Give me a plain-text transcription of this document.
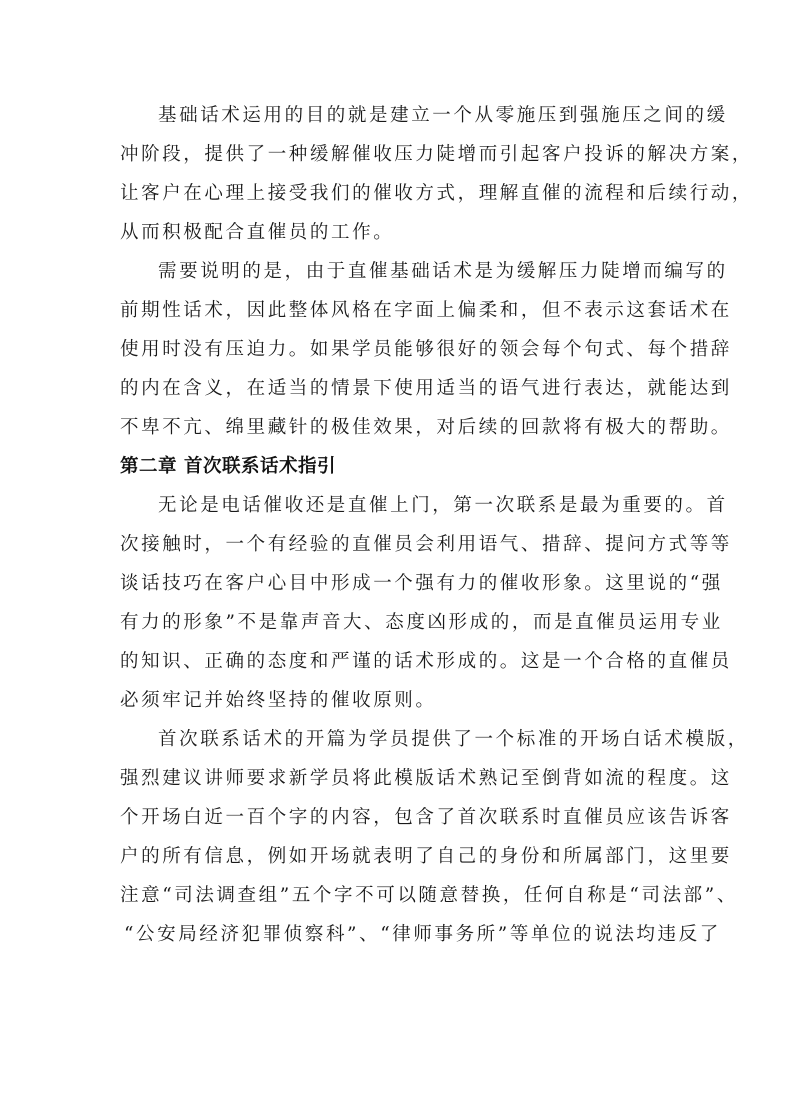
基础话术运用的目的就是建立一个从零施压到强施压之间的缓
冲阶段，提供了一种缓解催收压力陡增而引起客户投诉的解决方案，
让客户在心理上接受我们的催收方式，理解直催的流程和后续行动，
从而积极配合直催员的工作。
需要说明的是，由于直催基础话术是为缓解压力陡增而编写的
前期性话术，因此整体风格在字面上偏柔和，但不表示这套话术在
使用时没有压迫力。如果学员能够很好的领会每个句式、每个措辞
的内在含义，在适当的情景下使用适当的语气进行表达，就能达到
不卑不亢、绵里藏针的极佳效果，对后续的回款将有极大的帮助。
第二章 首次联系话术指引
无论是电话催收还是直催上门，第一次联系是最为重要的。首
次接触时，一个有经验的直催员会利用语气、措辞、提问方式等等
谈话技巧在客户心目中形成一个强有力的催收形象。这里说的“强
有力的形象”不是靠声音大、态度凶形成的，而是直催员运用专业
的知识、正确的态度和严谨的话术形成的。这是一个合格的直催员
必须牢记并始终坚持的催收原则。
首次联系话术的开篇为学员提供了一个标准的开场白话术模版，
强烈建议讲师要求新学员将此模版话术熟记至倒背如流的程度。这
个开场白近一百个字的内容，包含了首次联系时直催员应该告诉客
户的所有信息，例如开场就表明了自己的身份和所属部门，这里要
注意“司法调查组”五个字不可以随意替换，任何自称是“司法部”、
“公安局经济犯罪侦察科”、“律师事务所”等单位的说法均违反了
